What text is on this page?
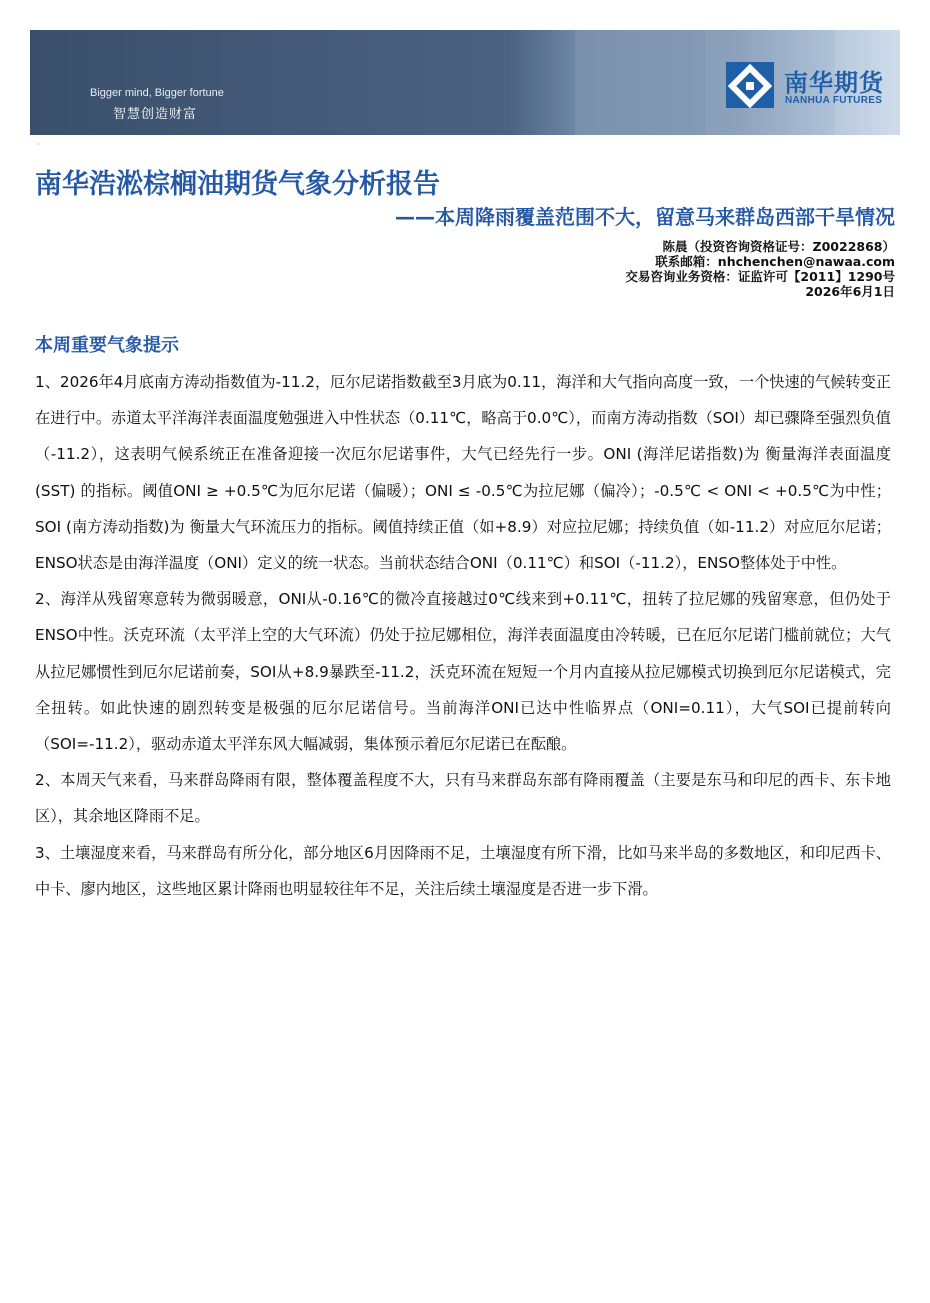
Bigger mind, Bigger fortune
智慧创造财富
南华期货
NANHUA FUTURES
·
南华浩淞棕榈油期货气象分析报告
——本周降雨覆盖范围不大，留意马来群岛西部干旱情况
陈晨（投资咨询资格证号：Z0022868）
联系邮箱：nhchenchen@nawaa.com
交易咨询业务资格：证监许可【2011】1290号
2026年6月1日
本周重要气象提示

1、2026年4月底南方涛动指数值为-11.2，厄尔尼诺指数截至3月底为0.11，海洋和大气指向高度一致，一个快速的气候转变正在进行中。赤道太平洋海洋表面温度勉强进入中性状态（0.11℃，略高于0.0℃），而南方涛动指数（SOI）却已骤降至强烈负值（-11.2），这表明气候系统正在准备迎接一次厄尔尼诺事件，大气已经先行一步。ONI (海洋尼诺指数)为 衡量海洋表面温度 (SST) 的指标。阈值ONI ≥ +0.5℃为厄尔尼诺（偏暖）；ONI ≤ -0.5℃为拉尼娜（偏冷）；-0.5℃ < ONI < +0.5℃为中性；SOI (南方涛动指数)为 衡量大气环流压力的指标。阈值持续正值（如+8.9）对应拉尼娜；持续负值（如-11.2）对应厄尔尼诺；ENSO状态是由海洋温度（ONI）定义的统一状态。当前状态结合ONI（0.11℃）和SOI（-11.2），ENSO整体处于中性。

2、海洋从残留寒意转为微弱暖意，ONI从-0.16℃的微冷直接越过0℃线来到+0.11℃，扭转了拉尼娜的残留寒意，但仍处于ENSO中性。沃克环流（太平洋上空的大气环流）仍处于拉尼娜相位，海洋表面温度由冷转暖，已在厄尔尼诺门槛前就位；大气从拉尼娜惯性到厄尔尼诺前奏，SOI从+8.9暴跌至-11.2，沃克环流在短短一个月内直接从拉尼娜模式切换到厄尔尼诺模式，完全扭转。如此快速的剧烈转变是极强的厄尔尼诺信号。当前海洋ONI已达中性临界点（ONI=0.11），大气SOI已提前转向（SOI=-11.2），驱动赤道太平洋东风大幅减弱，集体预示着厄尔尼诺已在酝酿。

2、本周天气来看，马来群岛降雨有限，整体覆盖程度不大，只有马来群岛东部有降雨覆盖（主要是东马和印尼的西卡、东卡地区），其余地区降雨不足。

3、土壤湿度来看，马来群岛有所分化，部分地区6月因降雨不足，土壤湿度有所下滑，比如马来半岛的多数地区，和印尼西卡、中卡、廖内地区，这些地区累计降雨也明显较往年不足，关注后续土壤湿度是否进一步下滑。
